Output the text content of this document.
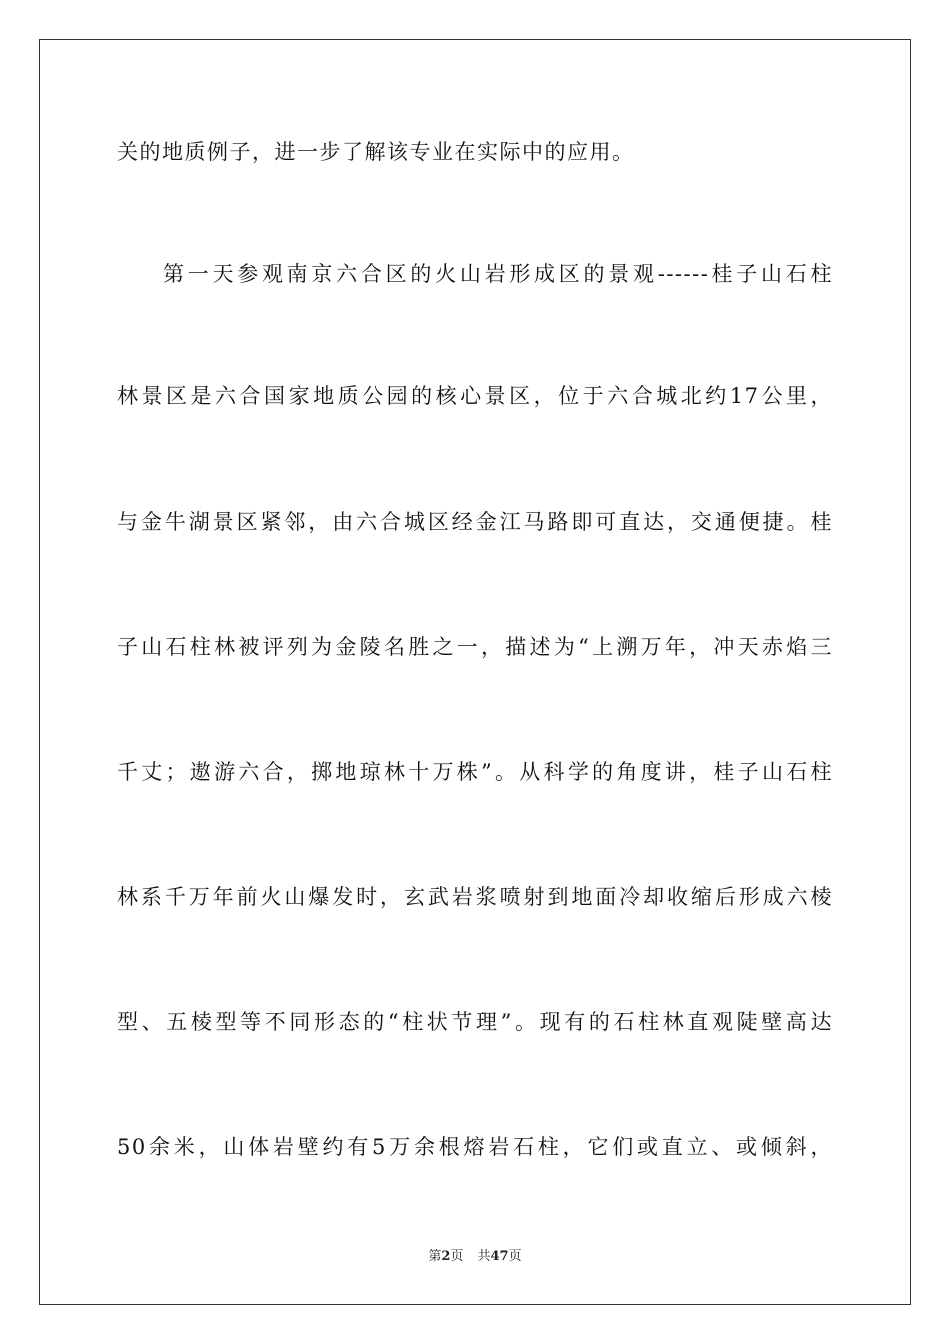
关的地质例子，进一步了解该专业在实际中的应用。
第一天参观南京六合区的火山岩形成区的景观------桂子山石柱
林景区是六合国家地质公园的核心景区，位于六合城北约17公里，
与金牛湖景区紧邻，由六合城区经金江马路即可直达，交通便捷。桂
子山石柱林被评列为金陵名胜之一，描述为“上溯万年，冲天赤焰三
千丈；遨游六合，掷地琼林十万株”。从科学的角度讲，桂子山石柱
林系千万年前火山爆发时，玄武岩浆喷射到地面冷却收缩后形成六棱
型、五棱型等不同形态的“柱状节理”。现有的石柱林直观陡壁高达
50余米，山体岩壁约有5万余根熔岩石柱，它们或直立、或倾斜，
第2页 共47页
